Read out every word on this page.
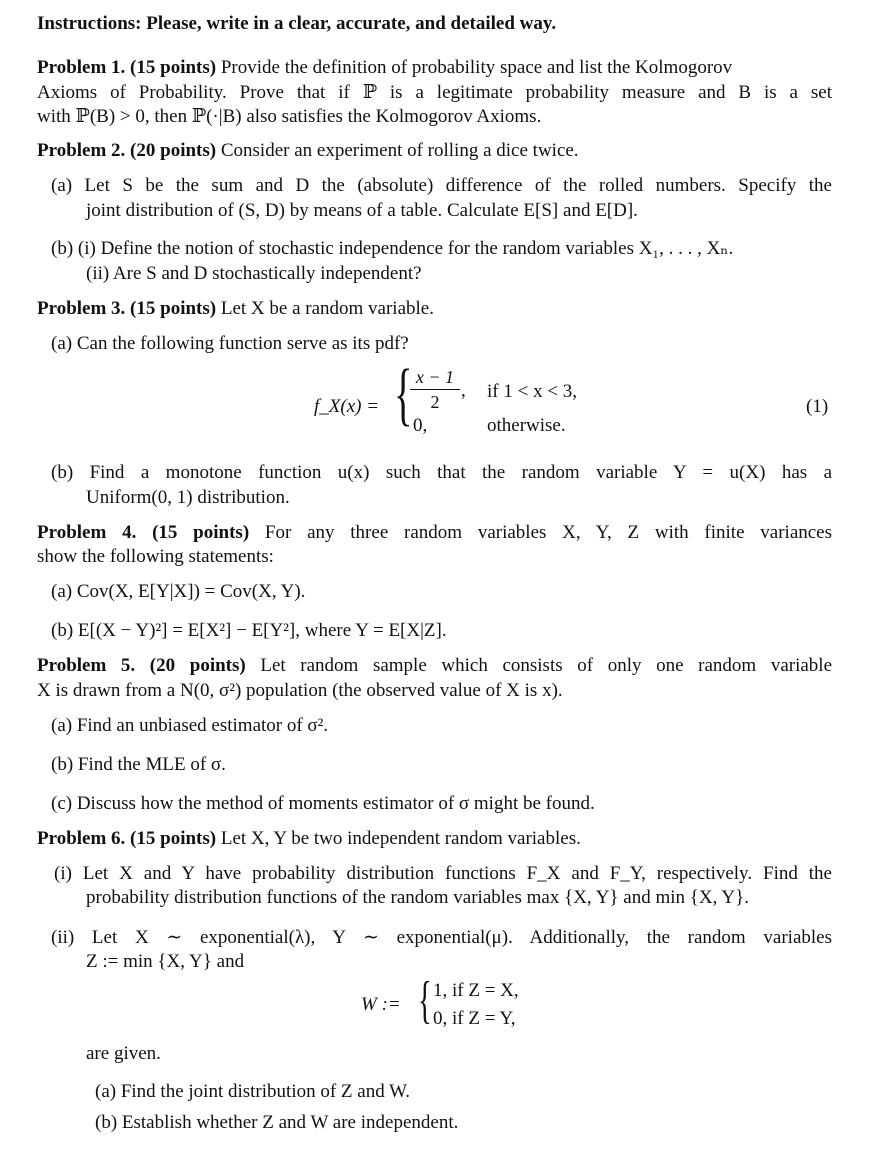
Instructions: Please, write in a clear, accurate, and detailed way.
Problem 1. (15 points) Provide the definition of probability space and list the Kolmogorov
Axioms of Probability. Prove that if ℙ is a legitimate probability measure and B is a set
with ℙ(B) > 0, then ℙ(·|B) also satisfies the Kolmogorov Axioms.
Problem 2. (20 points) Consider an experiment of rolling a dice twice.
(a) Let S be the sum and D the (absolute) difference of the rolled numbers. Specify the
joint distribution of (S, D) by means of a table. Calculate E[S] and E[D].
(b) (i) Define the notion of stochastic independence for the random variables X₁, . . . , Xₙ.
(ii) Are S and D stochastically independent?
Problem 3. (15 points) Let X be a random variable.
(a) Can the following function serve as its pdf?
f_X(x) = { x − 1
2
,
0,
if 1 < x < 3,
otherwise.
(1)
(b) Find a monotone function u(x) such that the random variable Y = u(X) has a
Uniform(0, 1) distribution.
Problem 4. (15 points) For any three random variables X, Y, Z with finite variances
show the following statements:
(a) Cov(X, E[Y|X]) = Cov(X, Y).
(b) E[(X − Y)²] = E[X²] − E[Y²], where Y = E[X|Z].
Problem 5. (20 points) Let random sample which consists of only one random variable
X is drawn from a N(0, σ²) population (the observed value of X is x).
(a) Find an unbiased estimator of σ².
(b) Find the MLE of σ.
(c) Discuss how the method of moments estimator of σ might be found.
Problem 6. (15 points) Let X, Y be two independent random variables.
(i) Let X and Y have probability distribution functions F_X and F_Y, respectively. Find the
probability distribution functions of the random variables max {X, Y} and min {X, Y}.
(ii) Let X ∼ exponential(λ), Y ∼ exponential(μ). Additionally, the random variables
Z := min {X, Y} and
W := { 1, if Z = X,
0, if Z = Y,
are given.
(a) Find the joint distribution of Z and W.
(b) Establish whether Z and W are independent.
